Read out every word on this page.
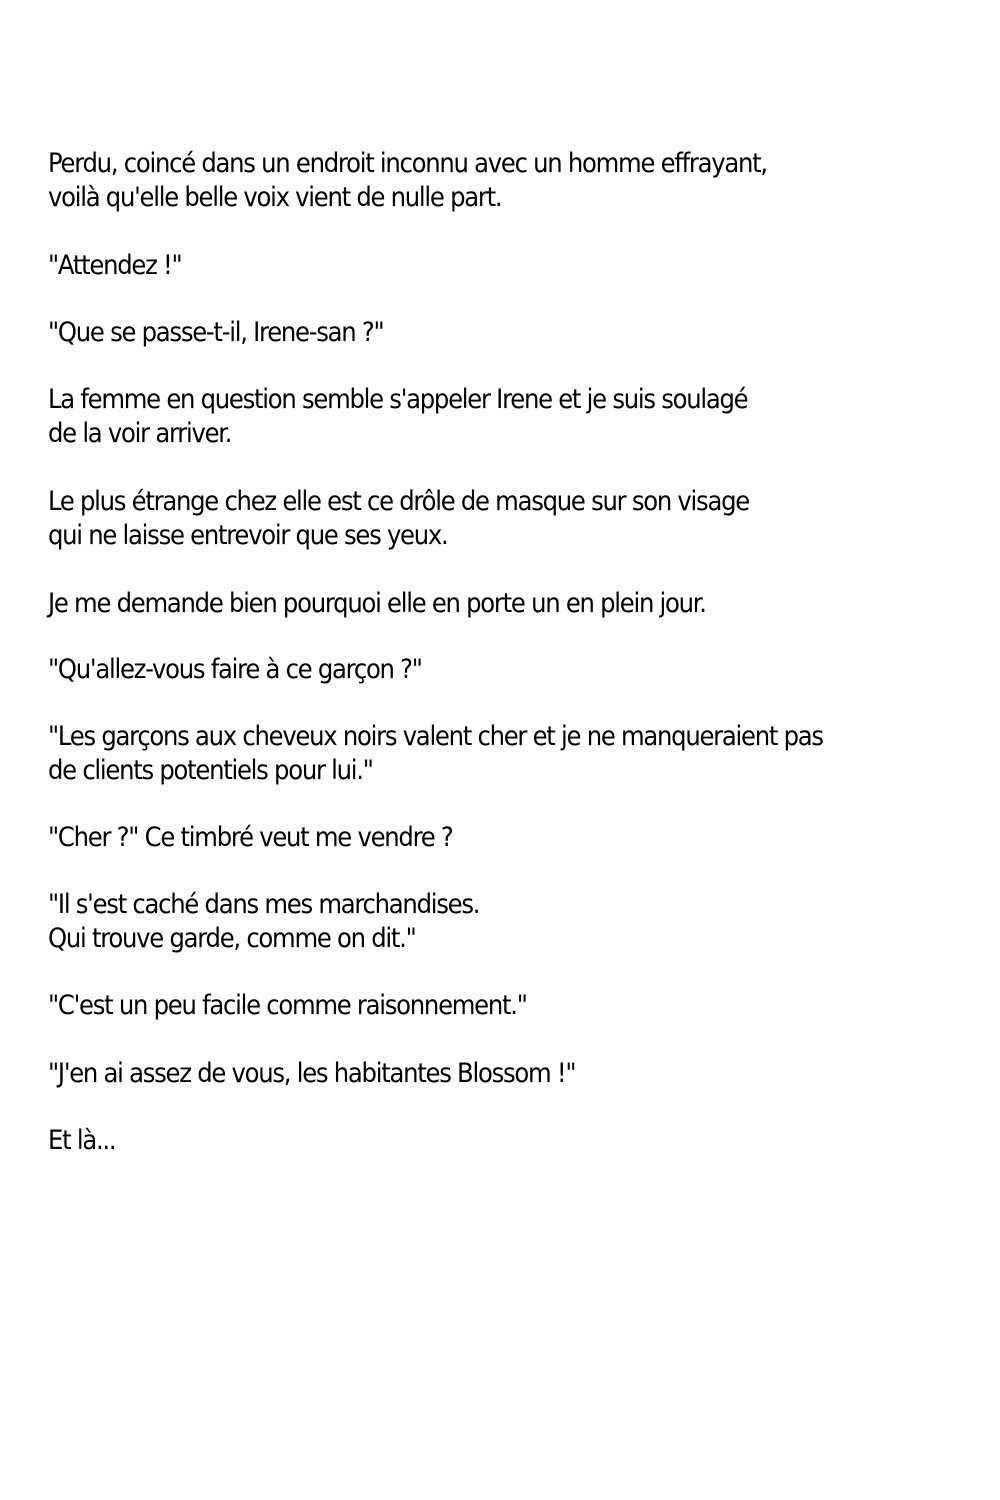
Perdu, coincé dans un endroit inconnu avec un homme effrayant,
voilà qu'elle belle voix vient de nulle part.

"Attendez !"

"Que se passe-t-il, Irene-san ?"

La femme en question semble s'appeler Irene et je suis soulagé
de la voir arriver.

Le plus étrange chez elle est ce drôle de masque sur son visage
qui ne laisse entrevoir que ses yeux.

Je me demande bien pourquoi elle en porte un en plein jour.

"Qu'allez-vous faire à ce garçon ?"

"Les garçons aux cheveux noirs valent cher et je ne manqueraient pas
de clients potentiels pour lui."

"Cher ?" Ce timbré veut me vendre ?

"Il s'est caché dans mes marchandises.
Qui trouve garde, comme on dit."

"C'est un peu facile comme raisonnement."

"J'en ai assez de vous, les habitantes Blossom !"

Et là...
